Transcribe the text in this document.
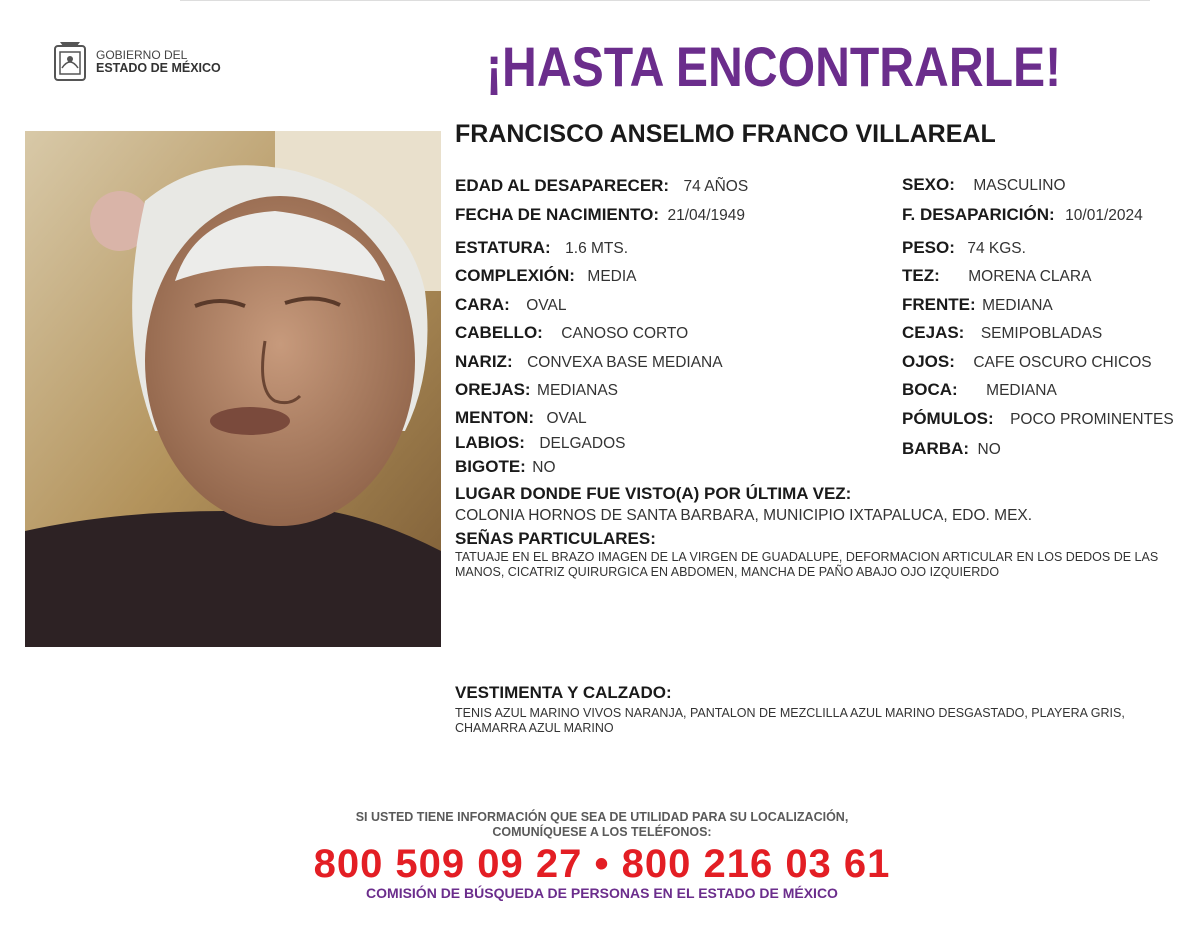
GOBIERNO DEL
ESTADO DE MÉXICO	¡HASTA ENCONTRARLE!
FRANCISCO ANSELMO FRANCO VILLAREAL
EDAD AL DESAPARECER: 74 AÑOS
FECHA DE NACIMIENTO: 21/04/1949
ESTATURA: 1.6 MTS.
COMPLEXIÓN: MEDIA
CARA: OVAL
CABELLO: CANOSO CORTO
NARIZ: CONVEXA BASE MEDIANA
OREJAS: MEDIANAS
MENTON: OVAL
LABIOS: DELGADOS
BIGOTE: NO
SEXO: MASCULINO
F. DESAPARICIÓN: 10/01/2024
PESO: 74 KGS.
TEZ: MORENA CLARA
FRENTE: MEDIANA
CEJAS: SEMIPOBLADAS
OJOS: CAFE OSCURO CHICOS
BOCA: MEDIANA
PÓMULOS: POCO PROMINENTES
BARBA: NO
LUGAR DONDE FUE VISTO(A) POR ÚLTIMA VEZ:
COLONIA HORNOS DE SANTA BARBARA, MUNICIPIO IXTAPALUCA, EDO. MEX.
SEÑAS PARTICULARES:
TATUAJE EN EL BRAZO IMAGEN DE LA VIRGEN DE GUADALUPE, DEFORMACION ARTICULAR EN LOS DEDOS DE LAS MANOS, CICATRIZ QUIRURGICA EN ABDOMEN, MANCHA DE PAÑO ABAJO OJO IZQUIERDO
VESTIMENTA Y CALZADO:
TENIS AZUL MARINO VIVOS NARANJA, PANTALON DE MEZCLILLA AZUL MARINO DESGASTADO, PLAYERA GRIS, CHAMARRA AZUL MARINO
SI USTED TIENE INFORMACIÓN QUE SEA DE UTILIDAD PARA SU LOCALIZACIÓN,
COMUNÍQUESE A LOS TELÉFONOS:
800 509 09 27 • 800 216 03 61
COMISIÓN DE BÚSQUEDA DE PERSONAS EN EL ESTADO DE MÉXICO
